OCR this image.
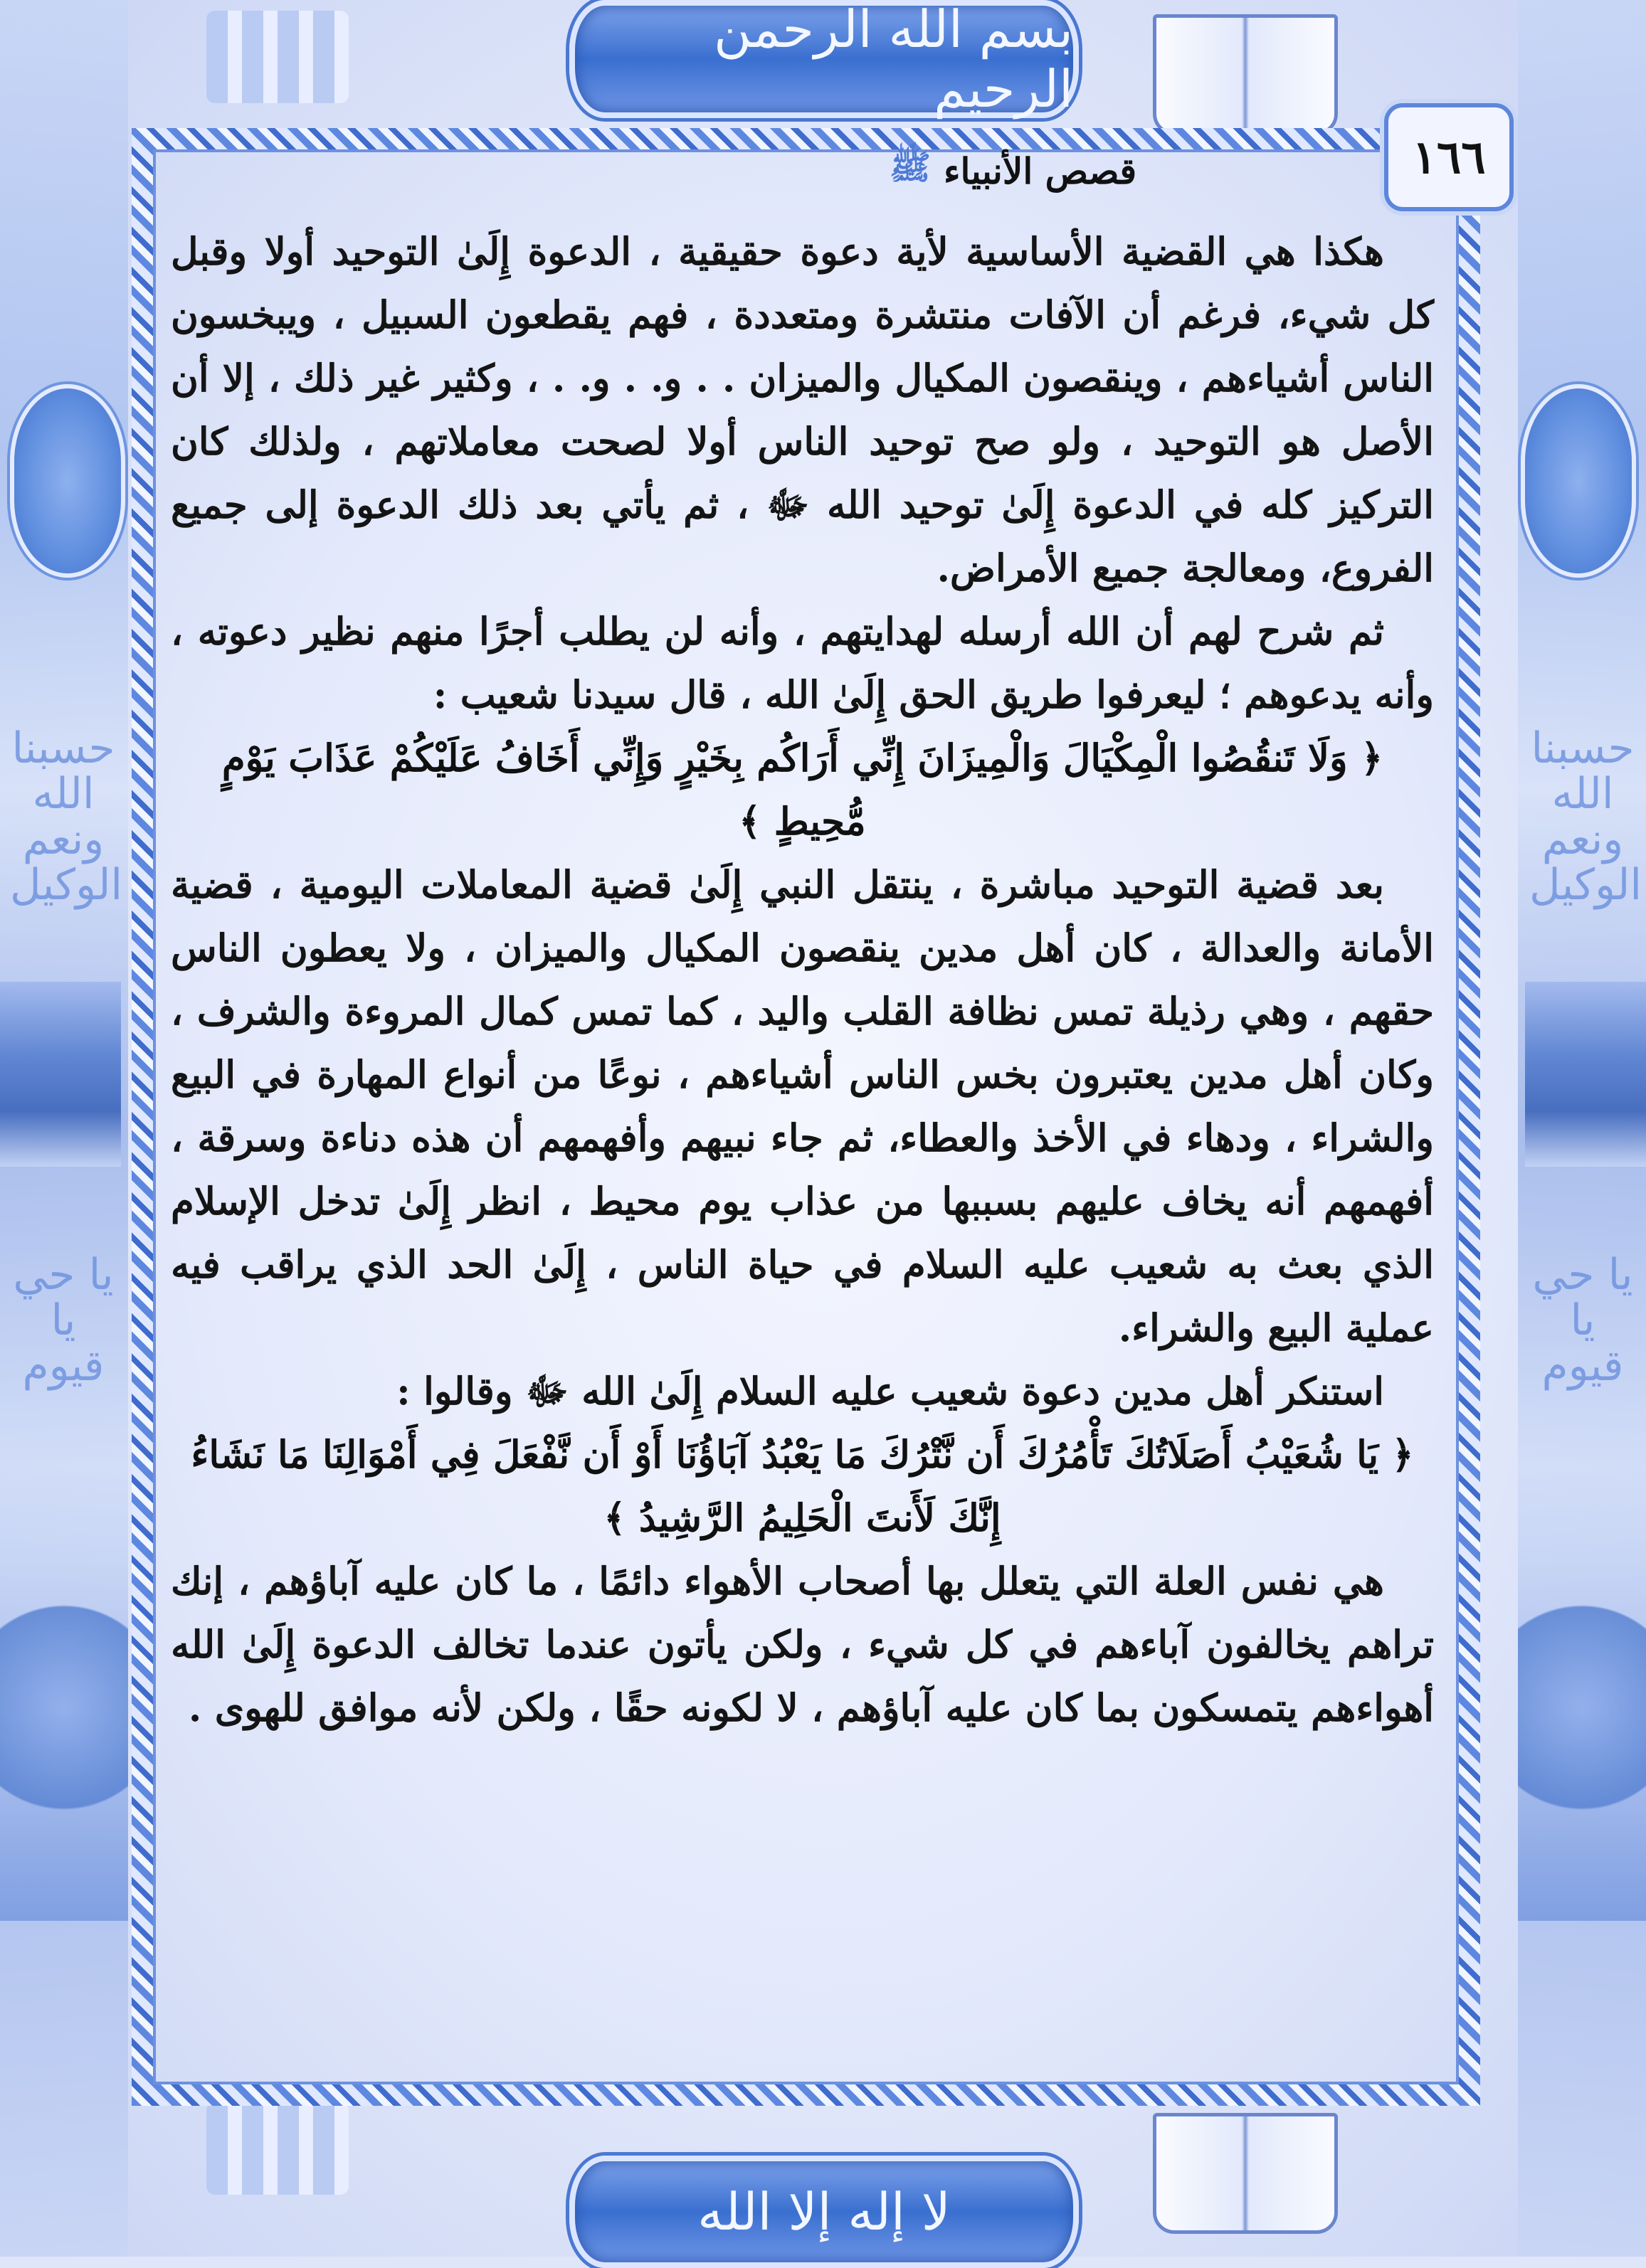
حسبنا الله ونعم الوكيل
حسبنا الله ونعم الوكيل
يا حي يا قيوم
يا حي يا قيوم
بسم الله الرحمن الرحيم
لا إله إلا الله
١٦٦
قصص الأنبياء
ﷺ

هكذا هي القضية الأساسية لأية دعوة حقيقية ، الدعوة إِلَىٰ التوحيد أولا وقبل كل شيء، فرغم أن الآفات منتشرة ومتعددة ، فهم يقطعون السبيل ، ويبخسون الناس أشياءهم ، وينقصون المكيال والميزان . . و. . و. . ، وكثير غير ذلك ، إلا أن الأصل هو التوحيد ، ولو صح توحيد الناس أولا لصحت معاملاتهم ، ولذلك كان التركيز كله في الدعوة إِلَىٰ توحيد الله ﷻ ، ثم يأتي بعد ذلك الدعوة إلى جميع الفروع، ومعالجة جميع الأمراض.

ثم شرح لهم أن الله أرسله لهدايتهم ، وأنه لن يطلب أجرًا منهم نظير دعوته ، وأنه يدعوهم ؛ ليعرفوا طريق الحق إِلَىٰ الله ، قال سيدنا شعيب :

﴿ وَلَا تَنقُصُوا الْمِكْيَالَ وَالْمِيزَانَ إِنِّي أَرَاكُم بِخَيْرٍ وَإِنِّي أَخَافُ عَلَيْكُمْ عَذَابَ يَوْمٍ مُّحِيطٍ ﴾

بعد قضية التوحيد مباشرة ، ينتقل النبي إِلَىٰ قضية المعاملات اليومية ، قضية الأمانة والعدالة ، كان أهل مدين ينقصون المكيال والميزان ، ولا يعطون الناس حقهم ، وهي رذيلة تمس نظافة القلب واليد ، كما تمس كمال المروءة والشرف ، وكان أهل مدين يعتبرون بخس الناس أشياءهم ، نوعًا من أنواع المهارة في البيع والشراء ، ودهاء في الأخذ والعطاء، ثم جاء نبيهم وأفهمهم أن هذه دناءة وسرقة ، أفهمهم أنه يخاف عليهم بسببها من عذاب يوم محيط ، انظر إِلَىٰ تدخل الإسلام الذي بعث به شعيب عليه السلام في حياة الناس ، إِلَىٰ الحد الذي يراقب فيه عملية البيع والشراء.

استنكر أهل مدين دعوة شعيب عليه السلام إِلَىٰ الله ﷻ وقالوا :

﴿ يَا شُعَيْبُ أَصَلَاتُكَ تَأْمُرُكَ أَن نَّتْرُكَ مَا يَعْبُدُ آبَاؤُنَا أَوْ أَن نَّفْعَلَ فِي أَمْوَالِنَا مَا نَشَاءُ إِنَّكَ لَأَنتَ الْحَلِيمُ الرَّشِيدُ ﴾

هي نفس العلة التي يتعلل بها أصحاب الأهواء دائمًا ، ما كان عليه آباؤهم ، إنك تراهم يخالفون آباءهم في كل شيء ، ولكن يأتون عندما تخالف الدعوة إِلَىٰ الله أهواءهم يتمسكون بما كان عليه آباؤهم ، لا لكونه حقًا ، ولكن لأنه موافق للهوى .
